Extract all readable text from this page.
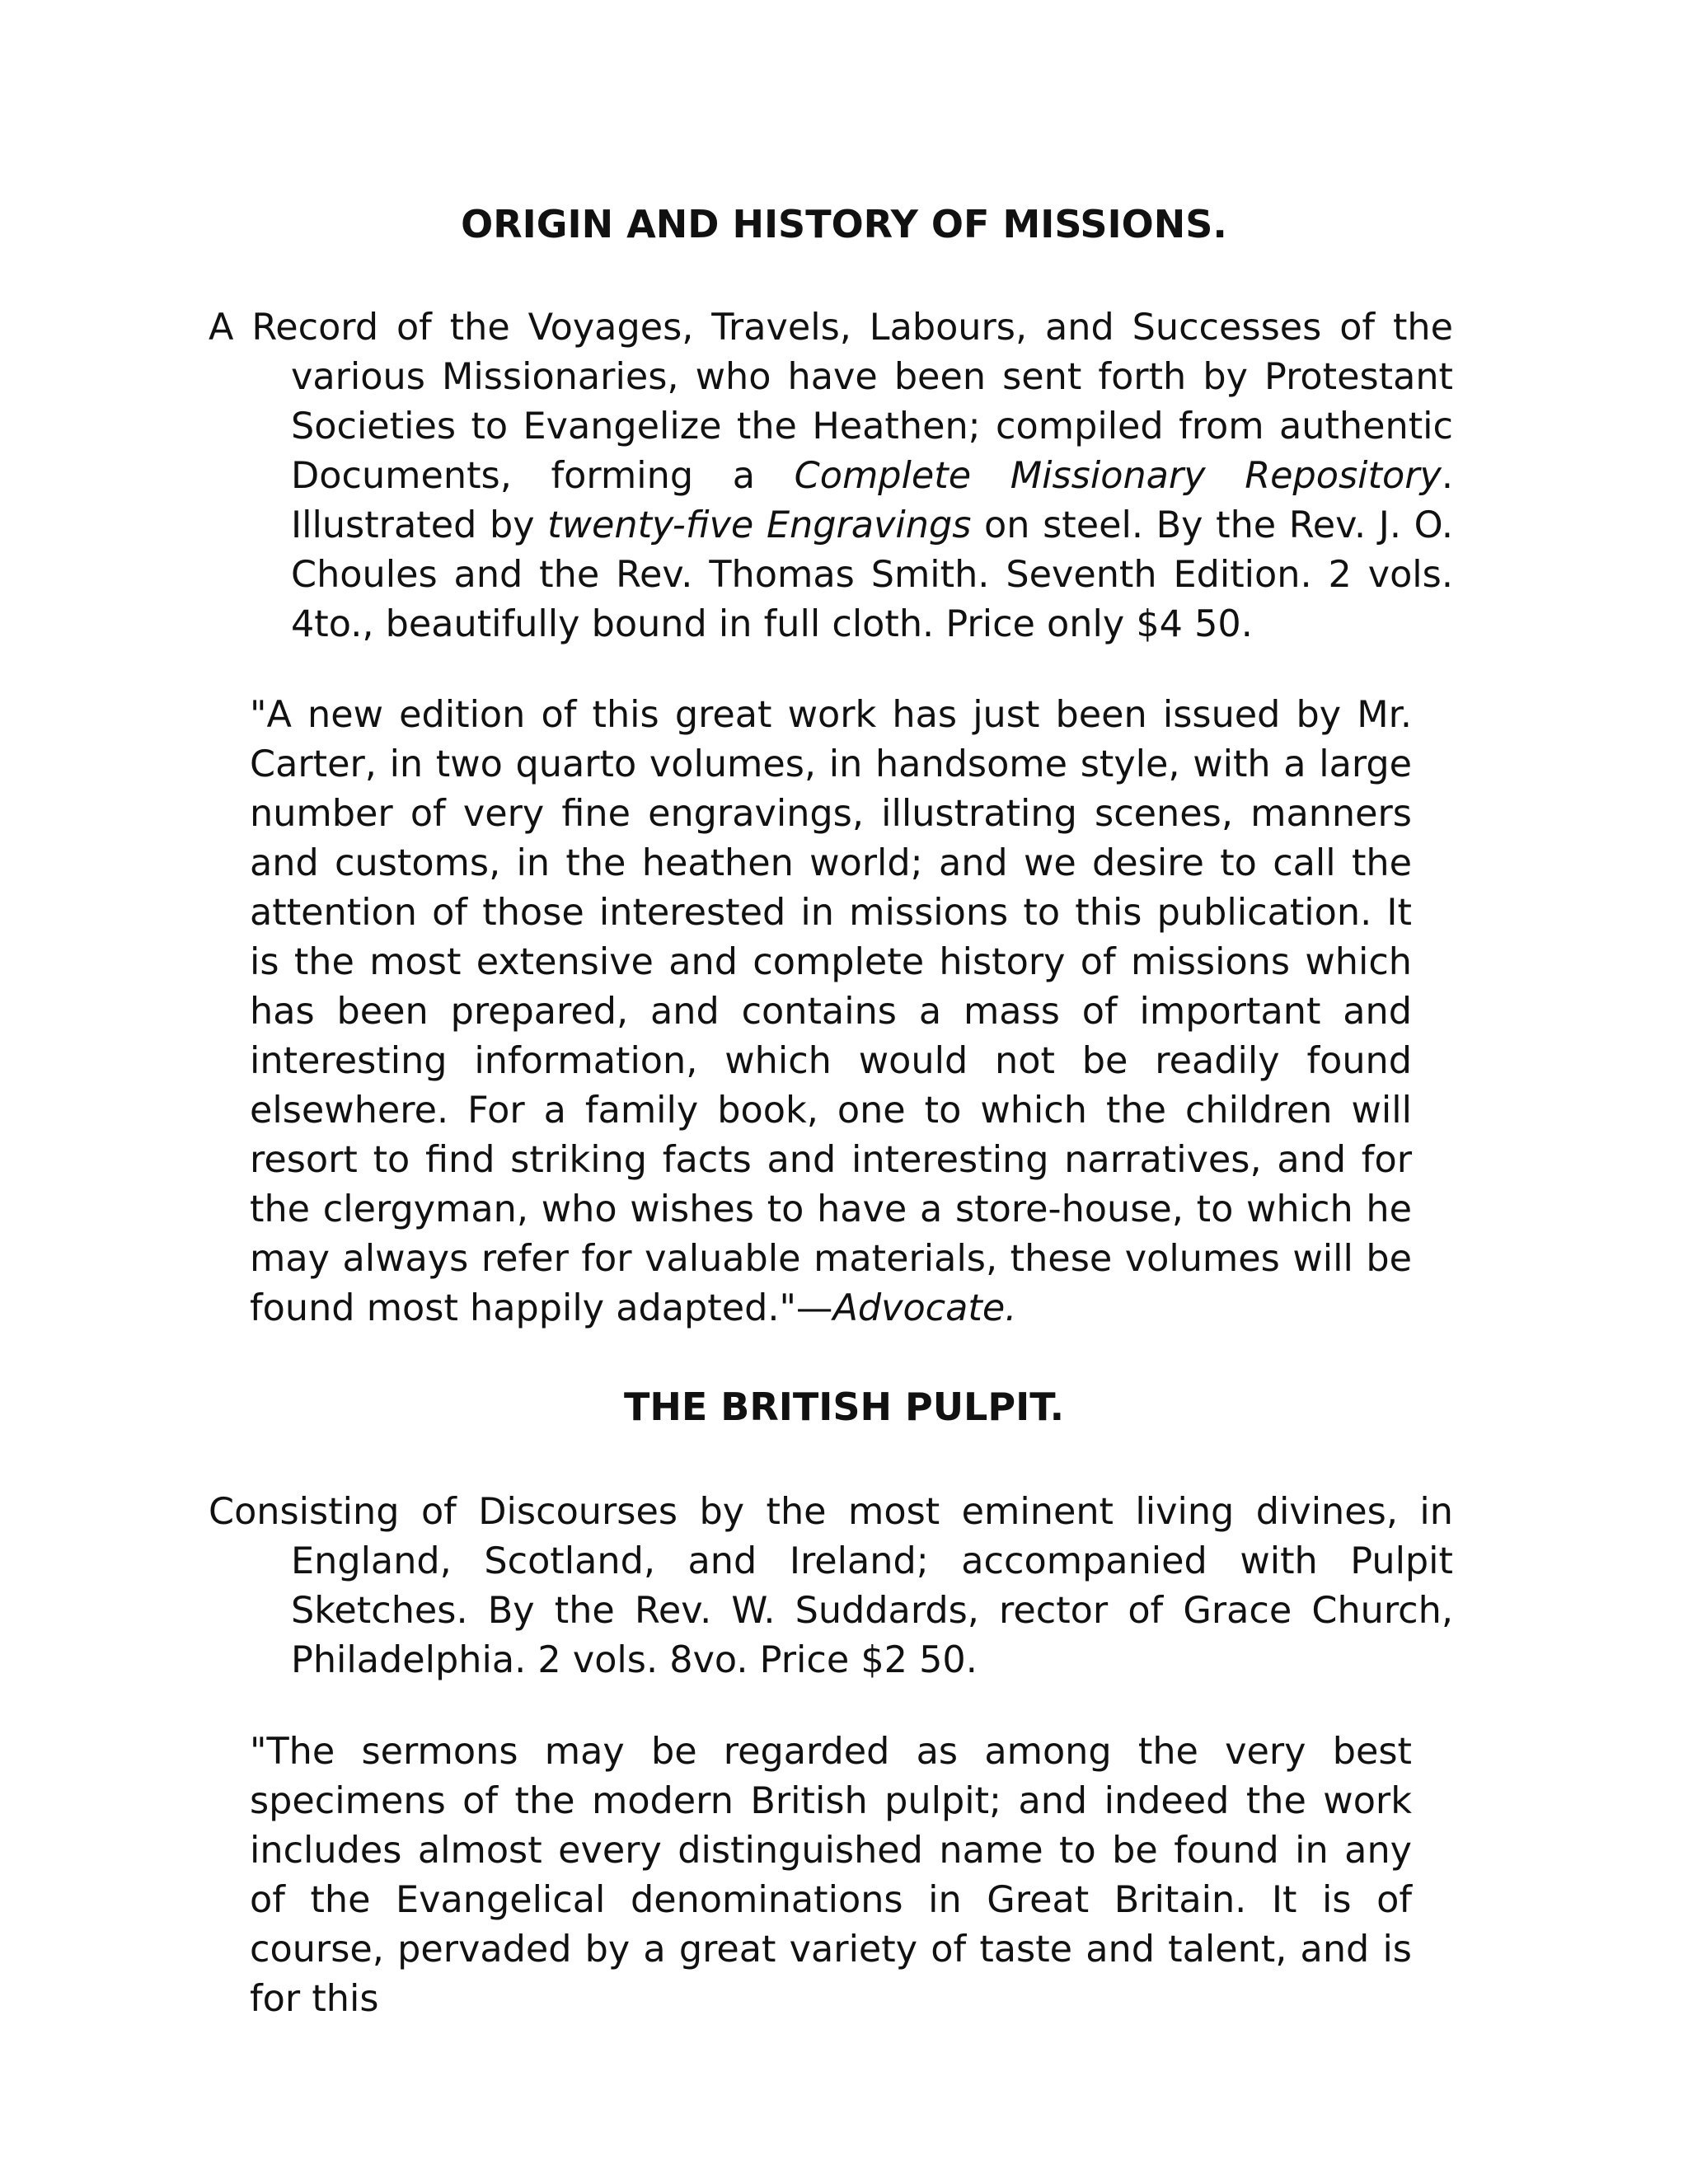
ORIGIN AND HISTORY OF MISSIONS.

A Record of the Voyages, Travels, Labours, and Successes of the various Missionaries, who have been sent forth by Protestant Societies to Evangelize the Heathen; compiled from authentic Documents, forming a Complete Missionary Repository. Illustrated by twenty-five Engravings on steel. By the Rev. J. O. Choules and the Rev. Thomas Smith. Seventh Edition. 2 vols. 4to., beautifully bound in full cloth. Price only $4 50.

"A new edition of this great work has just been issued by Mr. Carter, in two quarto volumes, in handsome style, with a large number of very fine engravings, illustrating scenes, manners and customs, in the heathen world; and we desire to call the attention of those interested in missions to this publication. It is the most extensive and complete history of missions which has been prepared, and contains a mass of important and interesting information, which would not be readily found elsewhere. For a family book, one to which the children will resort to find striking facts and interesting narratives, and for the clergyman, who wishes to have a store-house, to which he may always refer for valuable materials, these volumes will be found most happily adapted."—Advocate.

THE BRITISH PULPIT.

Consisting of Discourses by the most eminent living divines, in England, Scotland, and Ireland; accompanied with Pulpit Sketches. By the Rev. W. Suddards, rector of Grace Church, Philadelphia. 2 vols. 8vo. Price $2 50.

"The sermons may be regarded as among the very best specimens of the modern British pulpit; and indeed the work includes almost every distinguished name to be found in any of the Evangelical denominations in Great Britain. It is of course, pervaded by a great variety of taste and talent, and is for this
